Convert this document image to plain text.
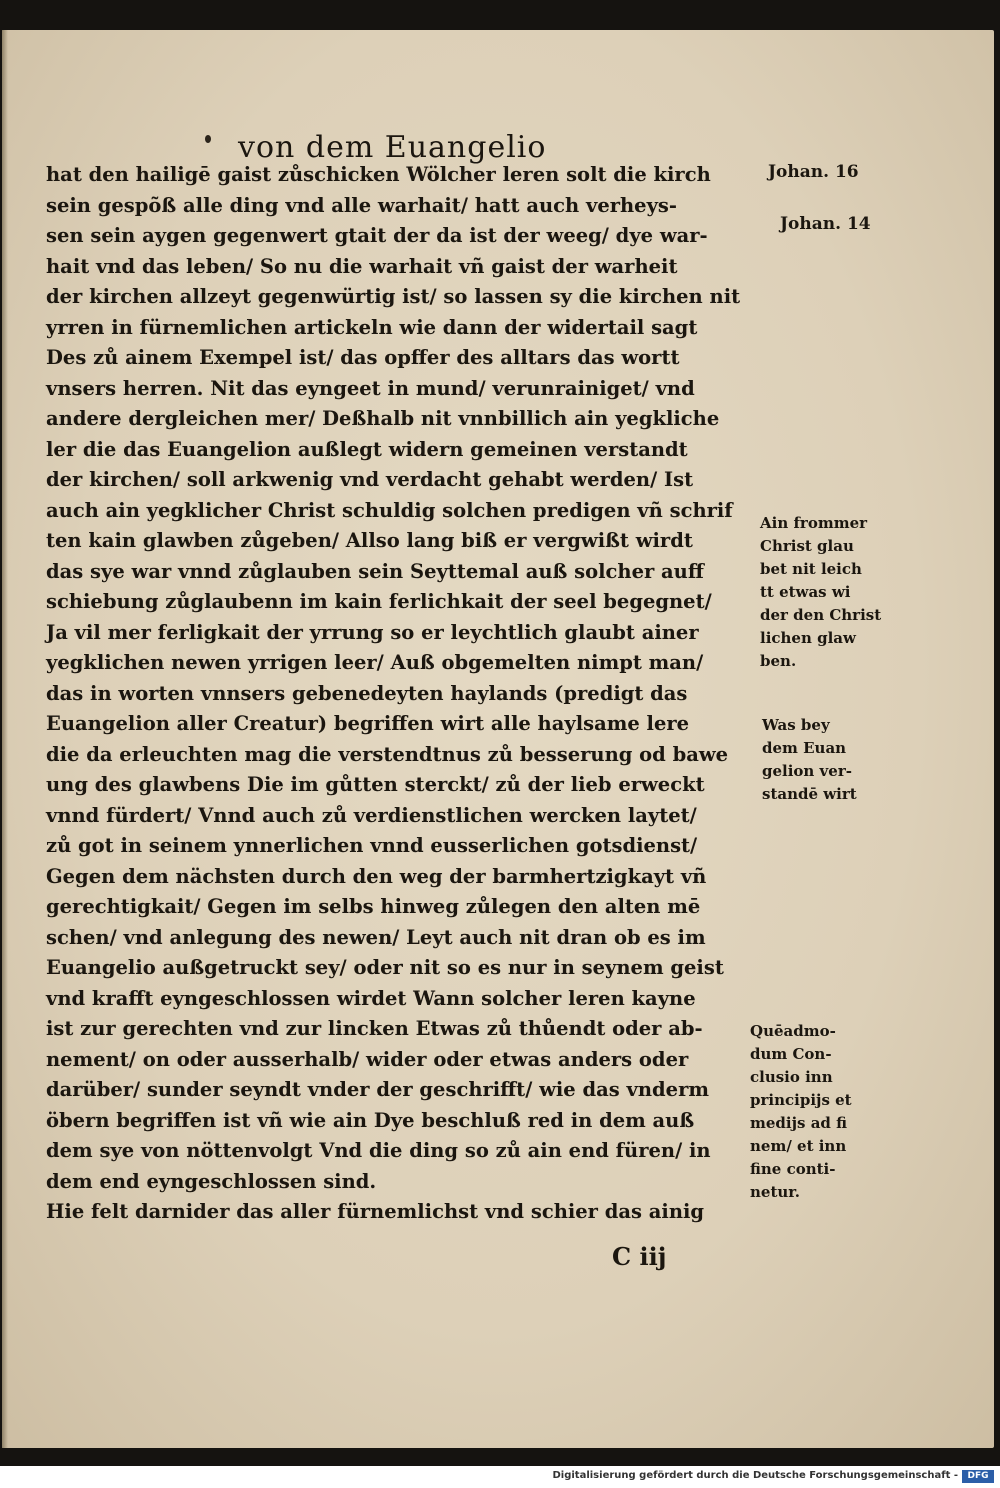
von dem Euangelio
hat den hailigē gaist zůschicken Wölcher leren solt die kirch
sein gespõß alle ding vnd alle warhait/ hatt auch verheys-
sen sein aygen gegenwert gtait der da ist der weeg/ dye war-
hait vnd das leben/ So nu die warhait vñ gaist der warheit
der kirchen allzeyt gegenwürtig ist/ so lassen sy die kirchen nit
yrren in fürnemlichen artickeln wie dann der widertail sagt
Des zů ainem Exempel ist/ das opffer des alltars das wortt
vnsers herren. Nit das eyngeet in mund/ verunrainiget/ vnd
andere dergleichen mer/ Deßhalb nit vnnbillich ain yegkliche
ler die das Euangelion außlegt widern gemeinen verstandt
der kirchen/ soll arkwenig vnd verdacht gehabt werden/ Ist
auch ain yegklicher Christ schuldig solchen predigen vñ schrif
ten kain glawben zůgeben/ Allso lang biß er vergwißt wirdt
das sye war vnnd zůglauben sein Seyttemal auß solcher auff
schiebung zůglaubenn im kain ferlichkait der seel begegnet/
Ja vil mer ferligkait der yrrung so er leychtlich glaubt ainer
yegklichen newen yrrigen leer/ Auß obgemelten nimpt man/
das in worten vnnsers gebenedeyten haylands (predigt das
Euangelion aller Creatur) begriffen wirt alle haylsame lere
die da erleuchten mag die verstendtnus zů besserung od bawe
ung des glawbens Die im gůtten sterckt/ zů der lieb erweckt
vnnd fürdert/ Vnnd auch zů verdienstlichen wercken laytet/
zů got in seinem ynnerlichen vnnd eusserlichen gotsdienst/
Gegen dem nächsten durch den weg der barmhertzigkayt vñ
gerechtigkait/ Gegen im selbs hinweg zůlegen den alten mē
schen/ vnd anlegung des newen/ Leyt auch nit dran ob es im
Euangelio außgetruckt sey/ oder nit so es nur in seynem geist
vnd krafft eyngeschlossen wirdet Wann solcher leren kayne
ist zur gerechten vnd zur lincken Etwas zů thůendt oder ab-
nement/ on oder ausserhalb/ wider oder etwas anders oder
darüber/ sunder seyndt vnder der geschrifft/ wie das vnderm
öbern begriffen ist vñ wie ain Dye beschluß red in dem auß
dem sye von nöttenvolgt Vnd die ding so zů ain end füren/ in
dem end eyngeschlossen sind.
Hie felt darnider das aller fürnemlichst vnd schier das ainig
Johan. 16
Johan. 14
Ain frommer
Christ glau
bet nit leich
tt etwas wi
der den Christ
lichen glaw
ben.
Was bey
dem Euan
gelion ver-
standē wirt
Quēadmo-
dum Con-
clusio inn
principijs et
medijs ad fi
nem/ et inn
fine conti-
netur.
C iij
Digitalisierung gefördert durch die Deutsche Forschungsgemeinschaft -	DFG
